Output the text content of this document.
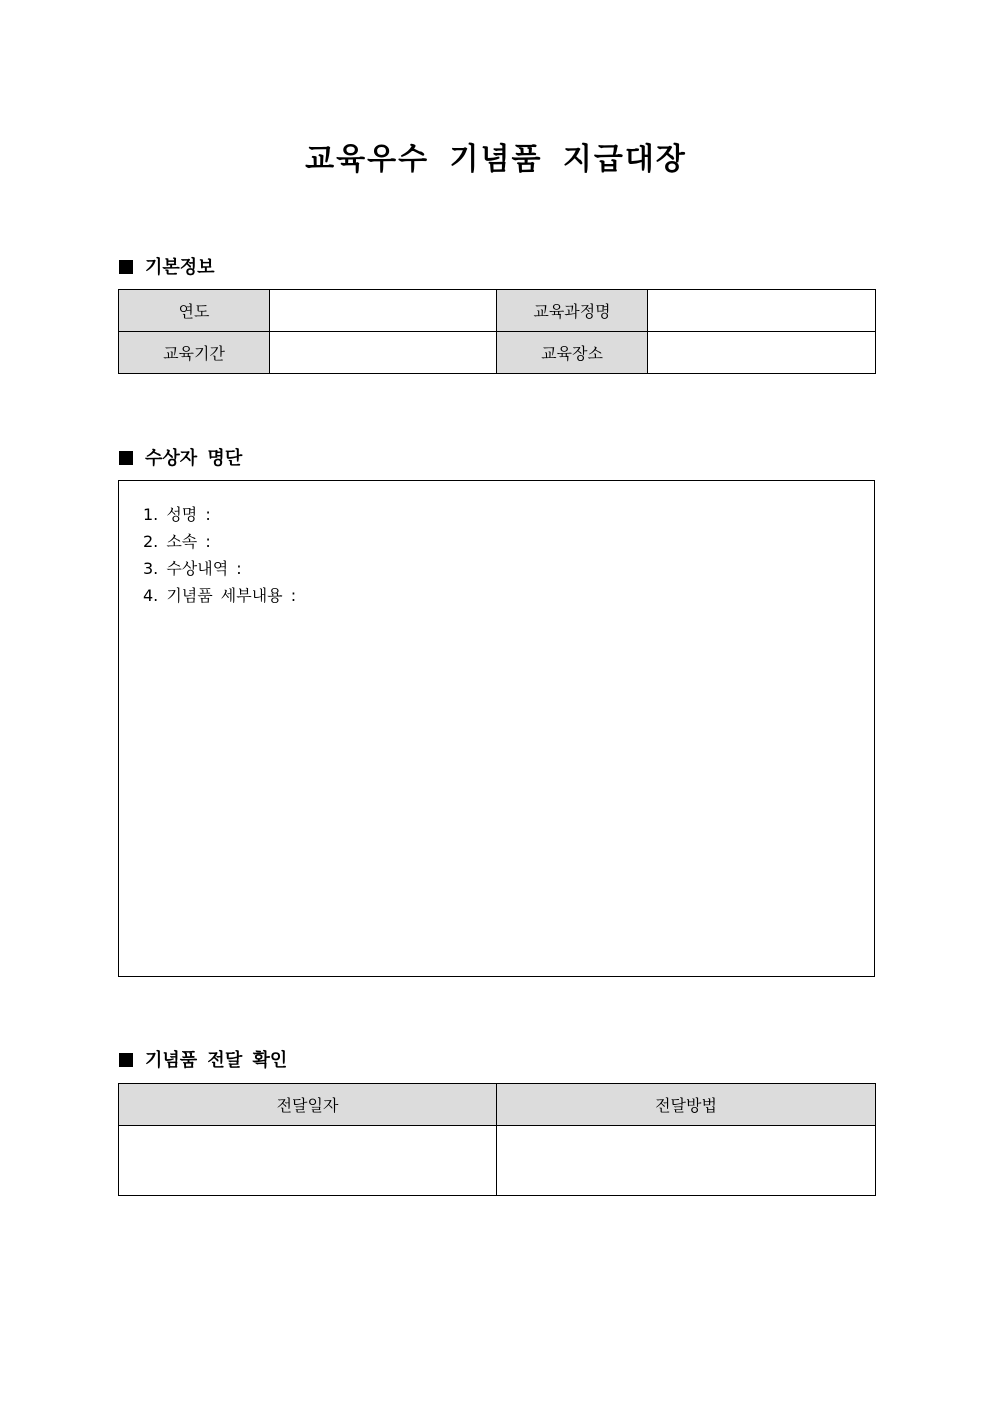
교육우수 기념품 지급대장
기본정보
연도		교육과정명	
교육기간		교육장소	
수상자 명단
1. 성명 :
2. 소속 :
3. 수상내역 :
4. 기념품 세부내용 :
기념품 전달 확인
전달일자	전달방법
